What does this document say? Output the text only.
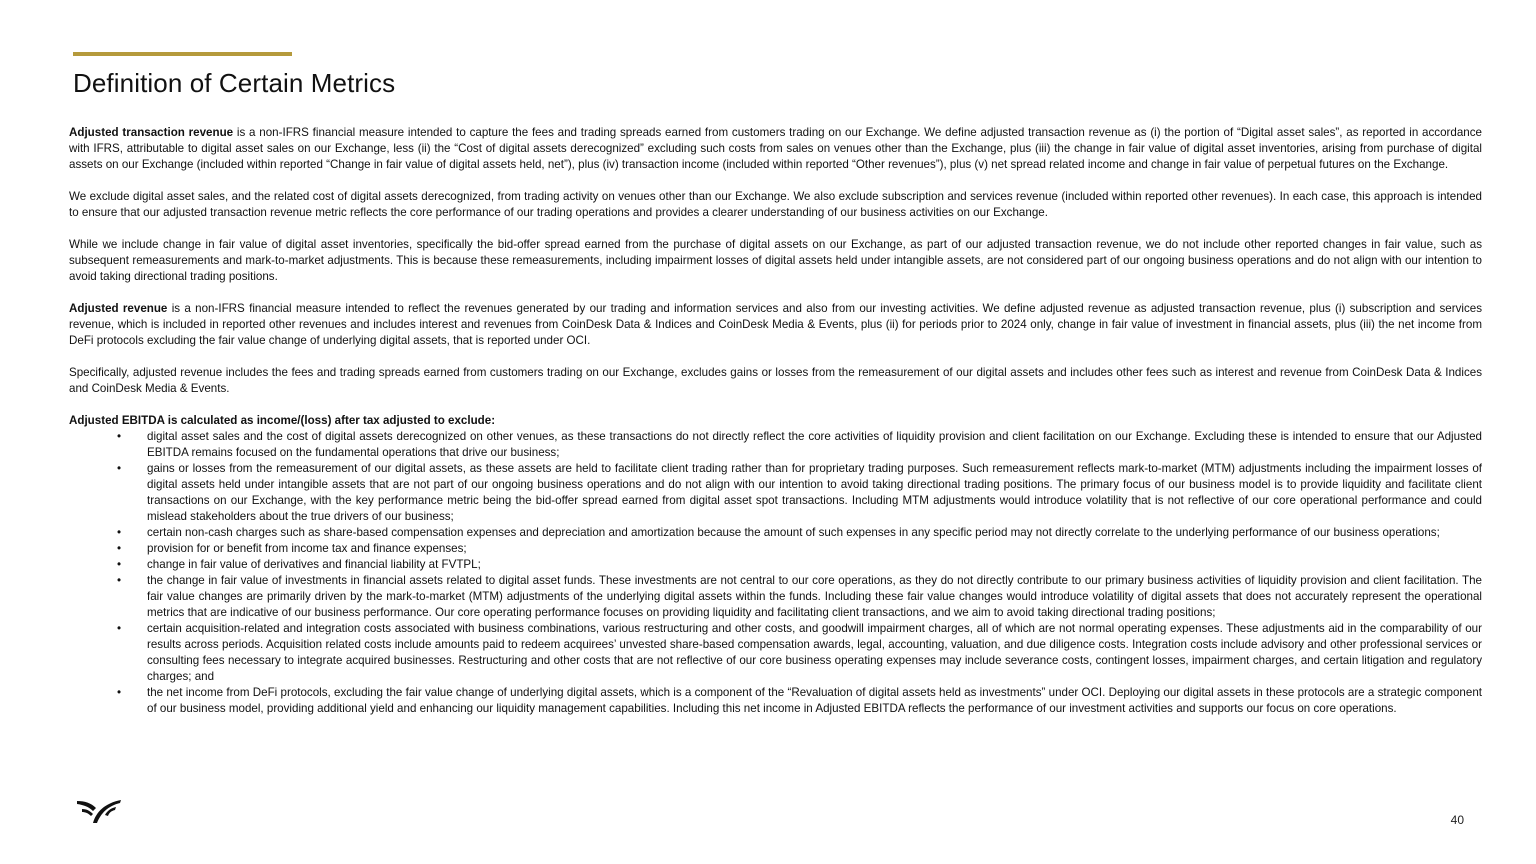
Definition of Certain Metrics

Adjusted transaction revenue is a non-IFRS financial measure intended to capture the fees and trading spreads earned from customers trading on our Exchange. We define adjusted transaction revenue as (i) the portion of “Digital asset sales”, as reported in accordance with IFRS, attributable to digital asset sales on our Exchange, less (ii) the “Cost of digital assets derecognized” excluding such costs from sales on venues other than the Exchange, plus (iii) the change in fair value of digital asset inventories, arising from purchase of digital assets on our Exchange (included within reported “Change in fair value of digital assets held, net”), plus (iv) transaction income (included within reported “Other revenues”), plus (v) net spread related income and change in fair value of perpetual futures on the Exchange.

We exclude digital asset sales, and the related cost of digital assets derecognized, from trading activity on venues other than our Exchange. We also exclude subscription and services revenue (included within reported other revenues). In each case, this approach is intended to ensure that our adjusted transaction revenue metric reflects the core performance of our trading operations and provides a clearer understanding of our business activities on our Exchange.

While we include change in fair value of digital asset inventories, specifically the bid-offer spread earned from the purchase of digital assets on our Exchange, as part of our adjusted transaction revenue, we do not include other reported changes in fair value, such as subsequent remeasurements and mark-to-market adjustments. This is because these remeasurements, including impairment losses of digital assets held under intangible assets, are not considered part of our ongoing business operations and do not align with our intention to avoid taking directional trading positions.

Adjusted revenue is a non-IFRS financial measure intended to reflect the revenues generated by our trading and information services and also from our investing activities. We define adjusted revenue as adjusted transaction revenue, plus (i) subscription and services revenue, which is included in reported other revenues and includes interest and revenues from CoinDesk Data & Indices and CoinDesk Media & Events, plus (ii) for periods prior to 2024 only, change in fair value of investment in financial assets, plus (iii) the net income from DeFi protocols excluding the fair value change of underlying digital assets, that is reported under OCI.

Specifically, adjusted revenue includes the fees and trading spreads earned from customers trading on our Exchange, excludes gains or losses from the remeasurement of our digital assets and includes other fees such as interest and revenue from CoinDesk Data & Indices and CoinDesk Media & Events.

Adjusted EBITDA is calculated as income/(loss) after tax adjusted to exclude:

• digital asset sales and the cost of digital assets derecognized on other venues, as these transactions do not directly reflect the core activities of liquidity provision and client facilitation on our Exchange. Excluding these is intended to ensure that our Adjusted EBITDA remains focused on the fundamental operations that drive our business;
• gains or losses from the remeasurement of our digital assets, as these assets are held to facilitate client trading rather than for proprietary trading purposes. Such remeasurement reflects mark-to-market (MTM) adjustments including the impairment losses of digital assets held under intangible assets that are not part of our ongoing business operations and do not align with our intention to avoid taking directional trading positions. The primary focus of our business model is to provide liquidity and facilitate client transactions on our Exchange, with the key performance metric being the bid-offer spread earned from digital asset spot transactions. Including MTM adjustments would introduce volatility that is not reflective of our core operational performance and could mislead stakeholders about the true drivers of our business;
• certain non-cash charges such as share-based compensation expenses and depreciation and amortization because the amount of such expenses in any specific period may not directly correlate to the underlying performance of our business operations;
• provision for or benefit from income tax and finance expenses;
• change in fair value of derivatives and financial liability at FVTPL;
• the change in fair value of investments in financial assets related to digital asset funds. These investments are not central to our core operations, as they do not directly contribute to our primary business activities of liquidity provision and client facilitation. The fair value changes are primarily driven by the mark-to-market (MTM) adjustments of the underlying digital assets within the funds. Including these fair value changes would introduce volatility of digital assets that does not accurately represent the operational metrics that are indicative of our business performance. Our core operating performance focuses on providing liquidity and facilitating client transactions, and we aim to avoid taking directional trading positions;
• certain acquisition-related and integration costs associated with business combinations, various restructuring and other costs, and goodwill impairment charges, all of which are not normal operating expenses. These adjustments aid in the comparability of our results across periods. Acquisition related costs include amounts paid to redeem acquirees’ unvested share-based compensation awards, legal, accounting, valuation, and due diligence costs. Integration costs include advisory and other professional services or consulting fees necessary to integrate acquired businesses. Restructuring and other costs that are not reflective of our core business operating expenses may include severance costs, contingent losses, impairment charges, and certain litigation and regulatory charges; and
• the net income from DeFi protocols, excluding the fair value change of underlying digital assets, which is a component of the “Revaluation of digital assets held as investments” under OCI. Deploying our digital assets in these protocols are a strategic component of our business model, providing additional yield and enhancing our liquidity management capabilities. Including this net income in Adjusted EBITDA reflects the performance of our investment activities and supports our focus on core operations.
40
